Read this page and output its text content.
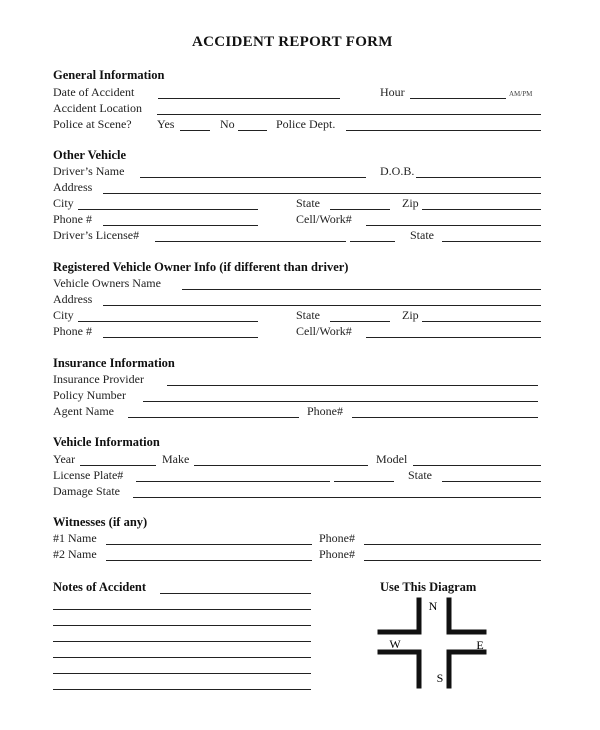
ACCIDENT REPORT FORM
General Information
Date of Accident	Hour	AM/PM
Accident Location
Police at Scene? Yes	No	Police Dept.
Other Vehicle
Driver’s Name	D.O.B.
Address
City	State	Zip
Phone #	Cell/Work#
Driver’s License#	State
Registered Vehicle Owner Info (if different than driver)
Vehicle Owners Name
Address
City	State	Zip
Phone #	Cell/Work#
Insurance Information
Insurance Provider
Policy Number
Agent Name	Phone#
Vehicle Information
Year	Make	Model
License Plate#	State
Damage State
Witnesses (if any)
#1 Name	Phone#
#2 Name	Phone#
Notes of Accident	Use This Diagram
N
W	E
S
